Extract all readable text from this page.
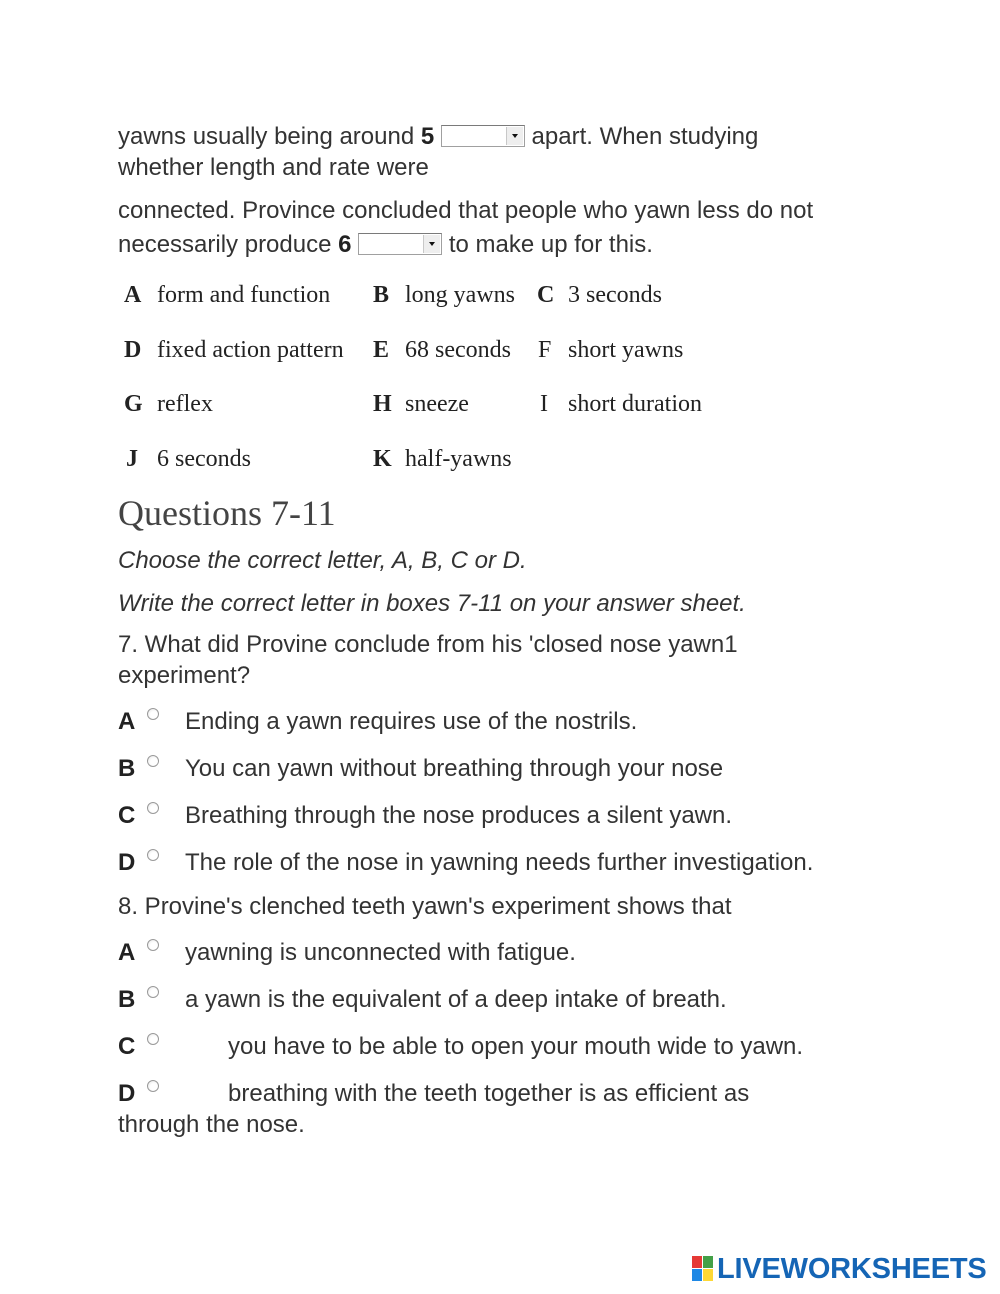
yawns usually being around 5	apart. When studying
whether length and rate were
connected. Province concluded that people who yawn less do not
necessarily produce 6	to make up for this.
A form and function B long yawns C 3 seconds
D fixed action pattern E 68 seconds F short yawns
G reflex	H sneeze	I short duration
J 6 seconds	K half-yawns
Questions 7-11
Choose the correct letter, A, B, C or D.
Write the correct letter in boxes 7-11 on your answer sheet.
7. What did Provine conclude from his 'closed nose yawn1
experiment?
A Ending a yawn requires use of the nostrils.
B You can yawn without breathing through your nose
C Breathing through the nose produces a silent yawn.
D The role of the nose in yawning needs further investigation.
8. Provine's clenched teeth yawn's experiment shows that
A yawning is unconnected with fatigue.
B a yawn is the equivalent of a deep intake of breath.
C	you have to be able to open your mouth wide to yawn.
D	breathing with the teeth together is as efficient as
through the nose.
LIVEWORKSHEETS
